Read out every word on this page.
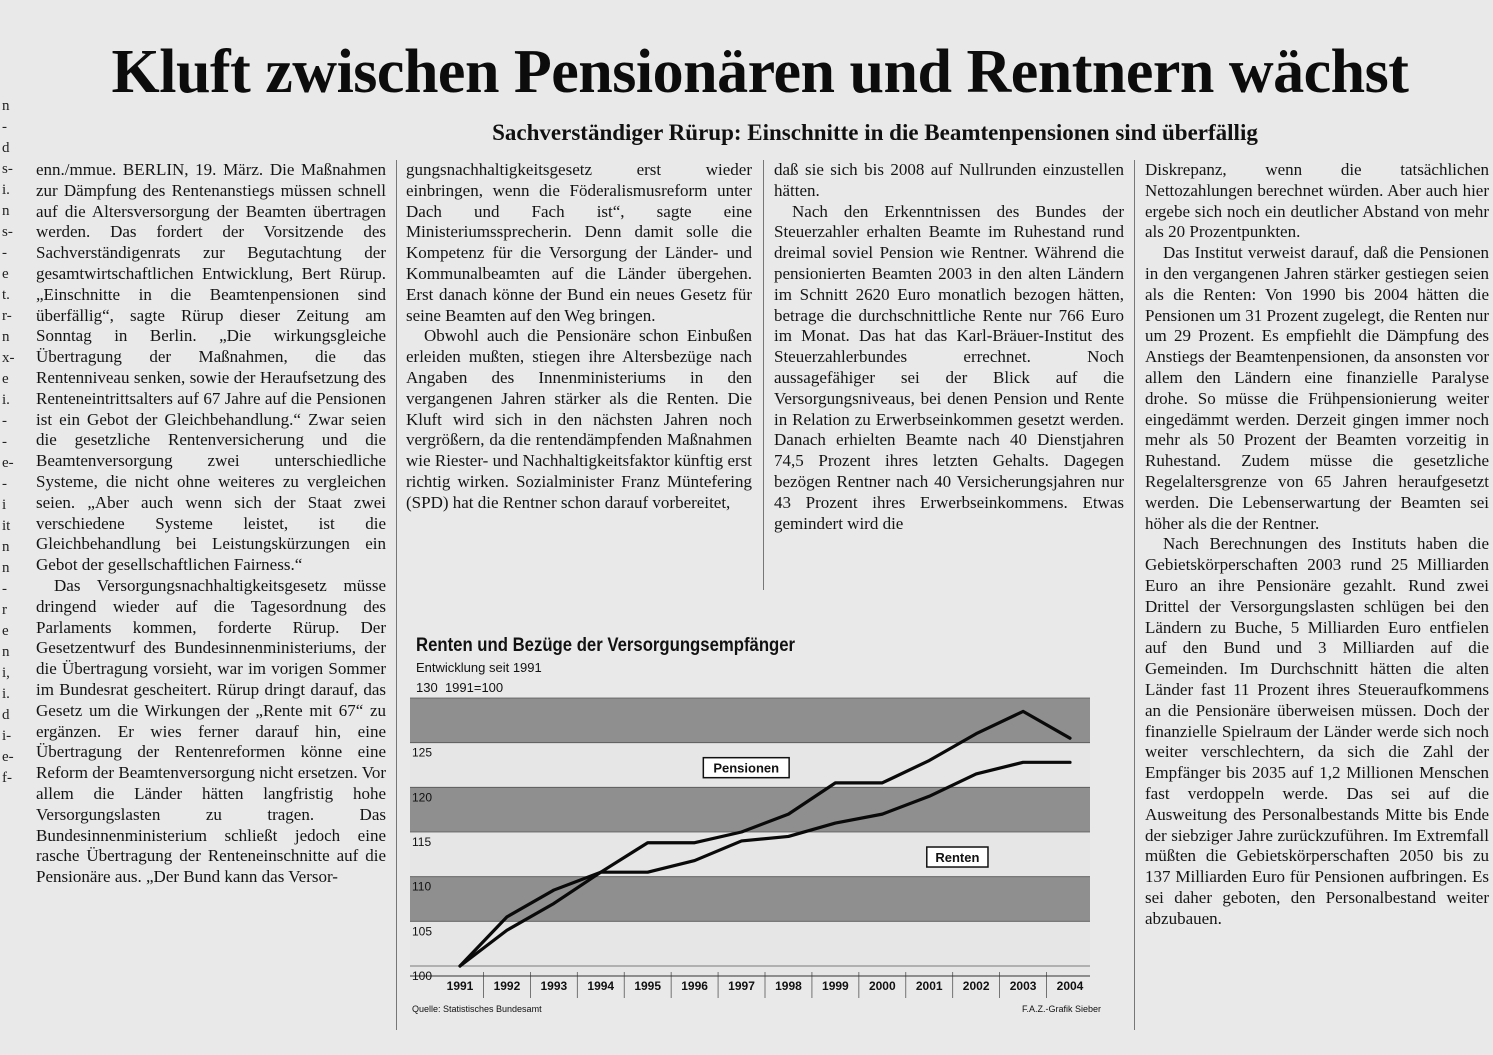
n
-
d
s-
i.
n
s-
-
e
t.
r-
n
x-
e
i.
-
-
e-
-
i
it
n
n
-
r
e
n
i,
i.
d
i-
e-
f-
Kluft zwischen Pensionären und Rentnern wächst
Sachverständiger Rürup: Einschnitte in die Beamtenpensionen sind überfällig

enn./mmue. BERLIN, 19. März. Die Maßnahmen zur Dämpfung des Rentenanstiegs müssen schnell auf die Altersversorgung der Beamten übertragen werden. Das fordert der Vorsitzende des Sachverständigenrats zur Begutachtung der gesamtwirtschaftlichen Entwicklung, Bert Rürup. „Einschnitte in die Beamtenpensionen sind überfällig“, sagte Rürup dieser Zeitung am Sonntag in Berlin. „Die wirkungsgleiche Übertragung der Maßnahmen, die das Rentenniveau senken, sowie der Heraufsetzung des Renteneintrittsalters auf 67 Jahre auf die Pensionen ist ein Gebot der Gleichbehandlung.“ Zwar seien die gesetzliche Rentenversicherung und die Beamtenversorgung zwei unterschiedliche Systeme, die nicht ohne weiteres zu vergleichen seien. „Aber auch wenn sich der Staat zwei verschiedene Systeme leistet, ist die Gleichbehandlung bei Leistungskürzungen ein Gebot der gesellschaftlichen Fairness.“

Das Versorgungsnachhaltigkeitsgesetz müsse dringend wieder auf die Tagesordnung des Parlaments kommen, forderte Rürup. Der Gesetzentwurf des Bundesinnenministeriums, der die Übertragung vorsieht, war im vorigen Sommer im Bundesrat gescheitert. Rürup dringt darauf, das Gesetz um die Wirkungen der „Rente mit 67“ zu ergänzen. Er wies ferner darauf hin, eine Übertragung der Rentenreformen könne eine Reform der Beamtenversorgung nicht ersetzen. Vor allem die Länder hätten langfristig hohe Versorgungslasten zu tragen. Das Bundesinnenministerium schließt jedoch eine rasche Übertragung der Renteneinschnitte auf die Pensionäre aus. „Der Bund kann das Versor-

gungsnachhaltigkeitsgesetz erst wieder einbringen, wenn die Föderalismusreform unter Dach und Fach ist“, sagte eine Ministeriumssprecherin. Denn damit solle die Kompetenz für die Versorgung der Länder- und Kommunalbeamten auf die Länder übergehen. Erst danach könne der Bund ein neues Gesetz für seine Beamten auf den Weg bringen.

Obwohl auch die Pensionäre schon Einbußen erleiden mußten, stiegen ihre Altersbezüge nach Angaben des Innenministeriums in den vergangenen Jahren stärker als die Renten. Die Kluft wird sich in den nächsten Jahren noch vergrößern, da die rentendämpfenden Maßnahmen wie Riester- und Nachhaltigkeitsfaktor künftig erst richtig wirken. Sozialminister Franz Müntefering (SPD) hat die Rentner schon darauf vorbereitet,

daß sie sich bis 2008 auf Nullrunden einzustellen hätten.

Nach den Erkenntnissen des Bundes der Steuerzahler erhalten Beamte im Ruhestand rund dreimal soviel Pension wie Rentner. Während die pensionierten Beamten 2003 in den alten Ländern im Schnitt 2620 Euro monatlich bezogen hätten, betrage die durchschnittliche Rente nur 766 Euro im Monat. Das hat das Karl-Bräuer-Institut des Steuerzahlerbundes errechnet. Noch aussagefähiger sei der Blick auf die Versorgungsniveaus, bei denen Pension und Rente in Relation zu Erwerbseinkommen gesetzt werden. Danach erhielten Beamte nach 40 Dienstjahren 74,5 Prozent ihres letzten Gehalts. Dagegen bezögen Rentner nach 40 Versicherungsjahren nur 43 Prozent ihres Erwerbseinkommens. Etwas gemindert wird die

Diskrepanz, wenn die tatsächlichen Nettozahlungen berechnet würden. Aber auch hier ergebe sich noch ein deutlicher Abstand von mehr als 20 Prozentpunkten.

Das Institut verweist darauf, daß die Pensionen in den vergangenen Jahren stärker gestiegen seien als die Renten: Von 1990 bis 2004 hätten die Pensionen um 31 Prozent zugelegt, die Renten nur um 29 Prozent. Es empfiehlt die Dämpfung des Anstiegs der Beamtenpensionen, da ansonsten vor allem den Ländern eine finanzielle Paralyse drohe. So müsse die Frühpensionierung weiter eingedämmt werden. Derzeit gingen immer noch mehr als 50 Prozent der Beamten vorzeitig in Ruhestand. Zudem müsse die gesetzliche Regelaltersgrenze von 65 Jahren heraufgesetzt werden. Die Lebenserwartung der Beamten sei höher als die der Rentner.

Nach Berechnungen des Instituts haben die Gebietskörperschaften 2003 rund 25 Milliarden Euro an ihre Pensionäre gezahlt. Rund zwei Drittel der Versorgungslasten schlügen bei den Ländern zu Buche, 5 Milliarden Euro entfielen auf den Bund und 3 Milliarden auf die Gemeinden. Im Durchschnitt hätten die alten Länder fast 11 Prozent ihres Steueraufkommens an die Pensionäre überweisen müssen. Doch der finanzielle Spielraum der Länder werde sich noch weiter verschlechtern, da sich die Zahl der Empfänger bis 2035 auf 1,2 Millionen Menschen fast verdoppeln werde. Das sei auf die Ausweitung des Personalbestands Mitte bis Ende der siebziger Jahre zurückzuführen. Im Extremfall müßten die Gebietskörperschaften 2050 bis zu 137 Milliarden Euro für Pensionen aufbringen. Es sei daher geboten, den Personalbestand weiter abzubauen.

Renten und Bezüge der Versorgungsempfänger

Entwicklung seit 1991

130 1991=100

100
105
110
115
120
125
1991 1992 1993 1994 1995 1996 1997 1998 1999 2000 2001 2002 2003 2004
Pensionen
Renten

Quelle: Statistisches Bundesamt	F.A.Z.-Grafik Sieber
